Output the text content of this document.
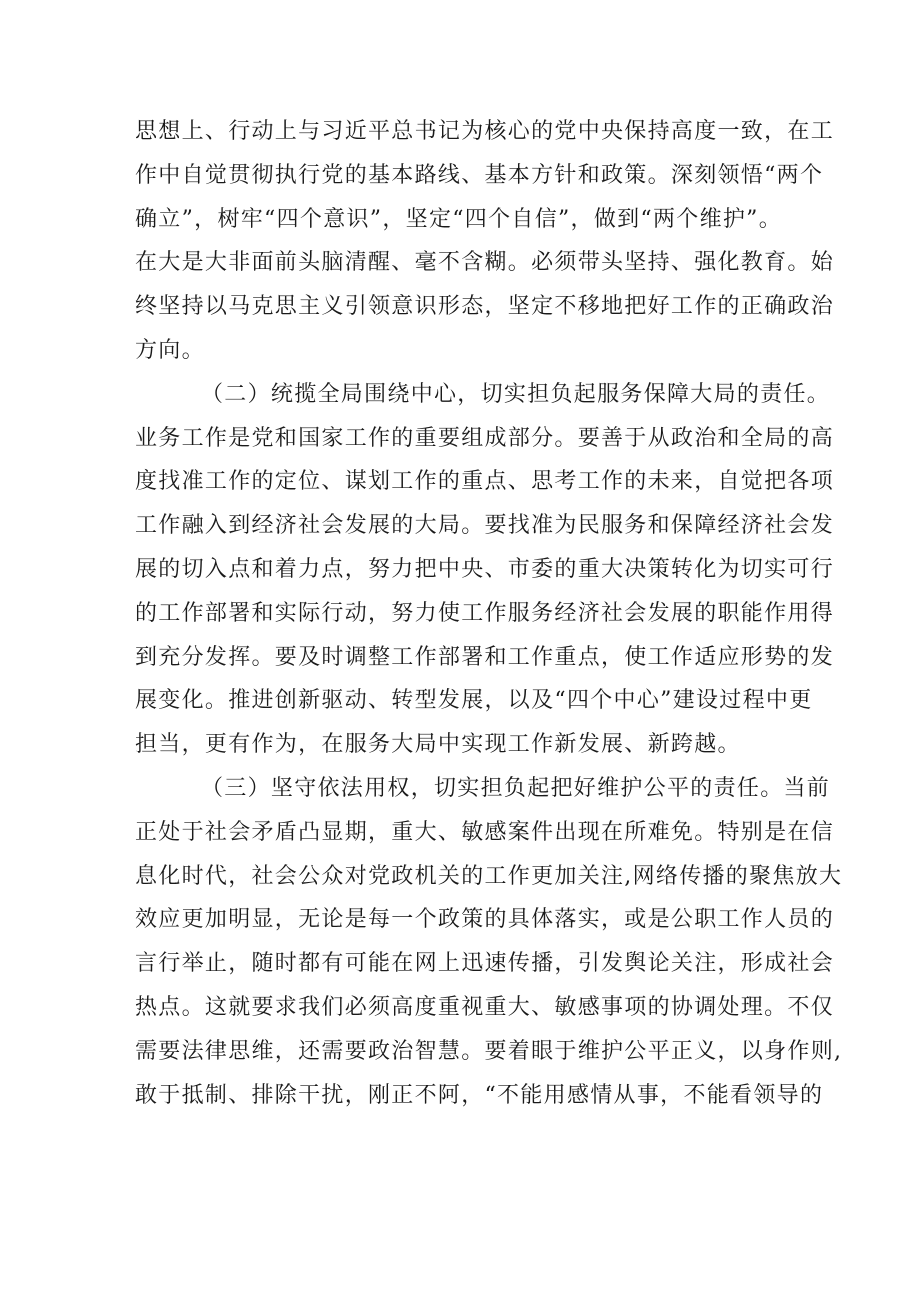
思想上、行动上与习近平总书记为核心的党中央保持高度一致，在工
作中自觉贯彻执行党的基本路线、基本方针和政策。深刻领悟“两个
确立”，树牢“四个意识”，坚定“四个自信”，做到“两个维护”。
在大是大非面前头脑清醒、毫不含糊。必须带头坚持、强化教育。始
终坚持以马克思主义引领意识形态，坚定不移地把好工作的正确政治
方向。
（二）统揽全局围绕中心，切实担负起服务保障大局的责任。
业务工作是党和国家工作的重要组成部分。要善于从政治和全局的高
度找准工作的定位、谋划工作的重点、思考工作的未来，自觉把各项
工作融入到经济社会发展的大局。要找准为民服务和保障经济社会发
展的切入点和着力点，努力把中央、市委的重大决策转化为切实可行
的工作部署和实际行动，努力使工作服务经济社会发展的职能作用得
到充分发挥。要及时调整工作部署和工作重点，使工作适应形势的发
展变化。推进创新驱动、转型发展，以及“四个中心”建设过程中更
担当，更有作为，在服务大局中实现工作新发展、新跨越。
（三）坚守依法用权，切实担负起把好维护公平的责任。当前
正处于社会矛盾凸显期，重大、敏感案件出现在所难免。特别是在信
息化时代，社会公众对党政机关的工作更加关注,网络传播的聚焦放大
效应更加明显，无论是每一个政策的具体落实，或是公职工作人员的
言行举止，随时都有可能在网上迅速传播，引发舆论关注，形成社会
热点。这就要求我们必须高度重视重大、敏感事项的协调处理。不仅
需要法律思维，还需要政治智慧。要着眼于维护公平正义，以身作则,
敢于抵制、排除干扰，刚正不阿，“不能用感情从事，不能看领导的
